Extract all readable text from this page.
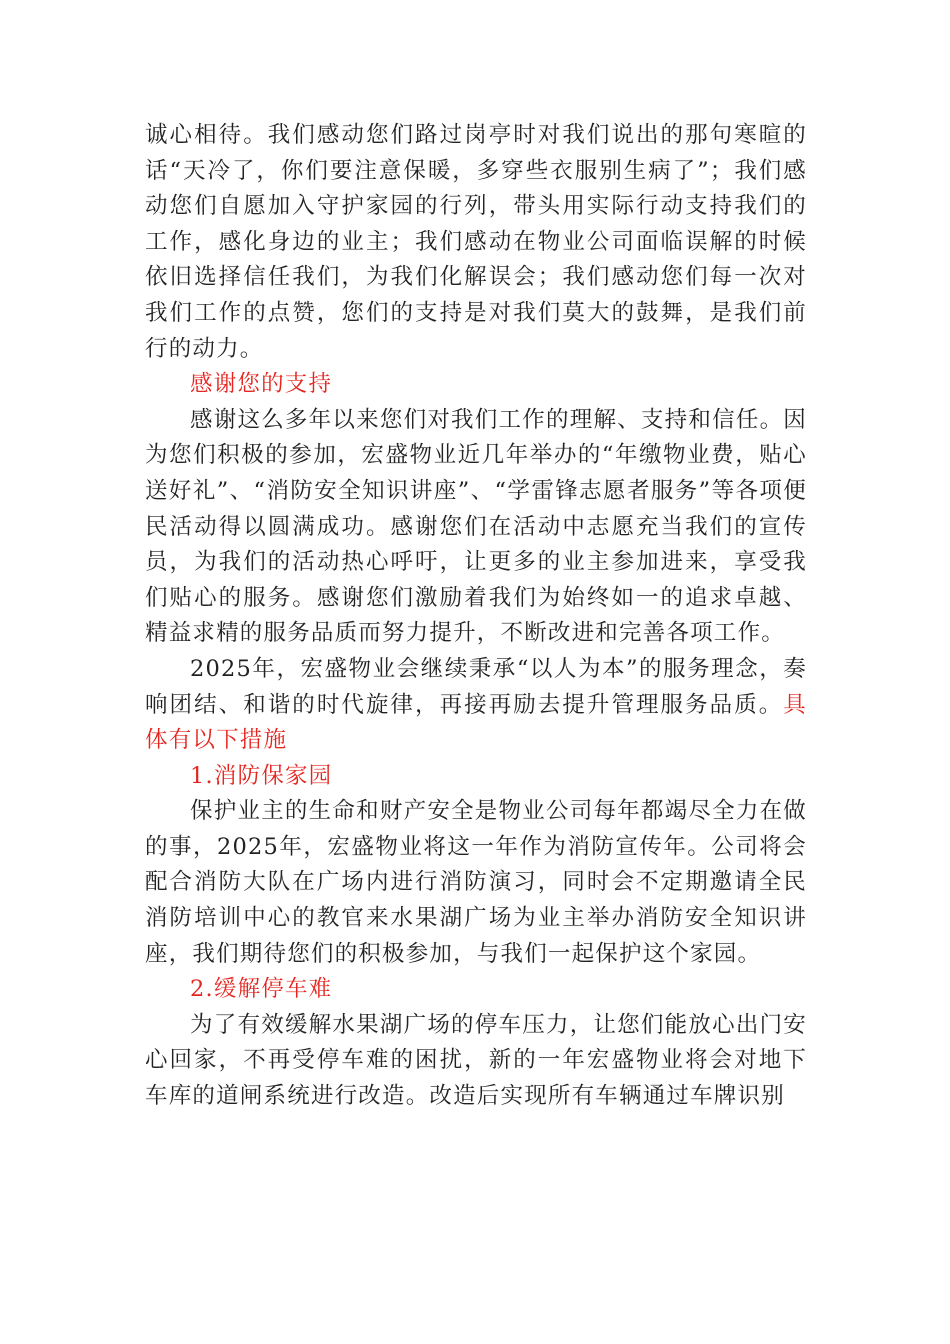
诚心相待。我们感动您们路过岗亭时对我们说出的那句寒暄的话“天冷了，你们要注意保暖，多穿些衣服别生病了”；我们感动您们自愿加入守护家园的行列，带头用实际行动支持我们的工作，感化身边的业主；我们感动在物业公司面临误解的时候依旧选择信任我们，为我们化解误会；我们感动您们每一次对我们工作的点赞，您们的支持是对我们莫大的鼓舞，是我们前行的动力。

感谢您的支持

感谢这么多年以来您们对我们工作的理解、支持和信任。因为您们积极的参加，宏盛物业近几年举办的“年缴物业费，贴心送好礼”、“消防安全知识讲座”、“学雷锋志愿者服务”等各项便民活动得以圆满成功。感谢您们在活动中志愿充当我们的宣传员，为我们的活动热心呼吁，让更多的业主参加进来，享受我们贴心的服务。感谢您们激励着我们为始终如一的追求卓越、精益求精的服务品质而努力提升，不断改进和完善各项工作。

2025年，宏盛物业会继续秉承“以人为本”的服务理念，奏响团结、和谐的时代旋律，再接再励去提升管理服务品质。具体有以下措施

1.消防保家园

保护业主的生命和财产安全是物业公司每年都竭尽全力在做的事，2025年，宏盛物业将这一年作为消防宣传年。公司将会配合消防大队在广场内进行消防演习，同时会不定期邀请全民消防培训中心的教官来水果湖广场为业主举办消防安全知识讲座，我们期待您们的积极参加，与我们一起保护这个家园。

2.缓解停车难

为了有效缓解水果湖广场的停车压力，让您们能放心出门安心回家，不再受停车难的困扰，新的一年宏盛物业将会对地下车库的道闸系统进行改造。改造后实现所有车辆通过车牌识别
